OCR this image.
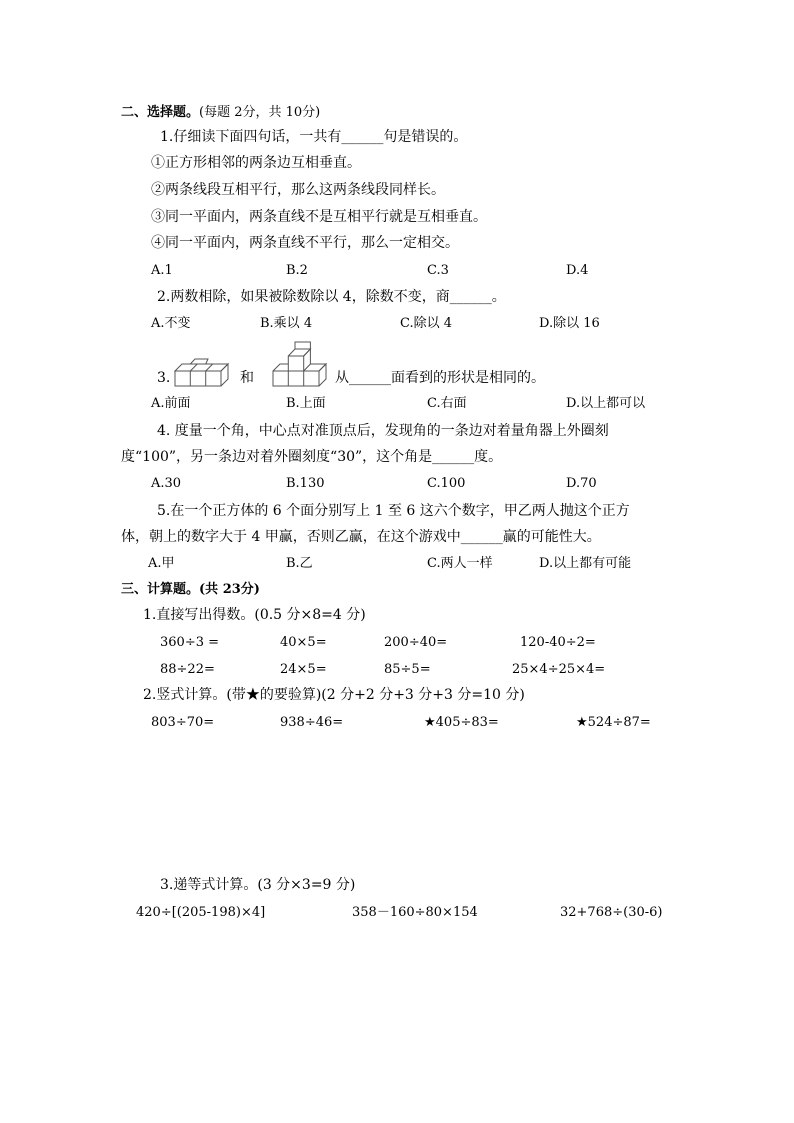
二、选择题。(每题 2分，共 10分)
1.仔细读下面四句话，一共有______句是错误的。
①正方形相邻的两条边互相垂直。
②两条线段互相平行，那么这两条线段同样长。
③同一平面内，两条直线不是互相平行就是互相垂直。
④同一平面内，两条直线不平行，那么一定相交。
A.1	B.2	C.3	D.4
2.两数相除，如果被除数除以 4，除数不变，商______。
A.不变	B.乘以 4	C.除以 4	D.除以 16
3.	和	从______面看到的形状是相同的。
A.前面	B.上面	C.右面	D.以上都可以
4. 度量一个角，中心点对准顶点后，发现角的一条边对着量角器上外圈刻
度“100”，另一条边对着外圈刻度“30”，这个角是______度。
A.30	B.130	C.100	D.70
5.在一个正方体的 6 个面分别写上 1 至 6 这六个数字，甲乙两人抛这个正方
体，朝上的数字大于 4 甲赢，否则乙赢，在这个游戏中______赢的可能性大。
A.甲	B.乙	C.两人一样	D.以上都有可能
三、计算题。(共 23分)
1.直接写出得数。(0.5 分×8=4 分)
360÷3 =	40×5=	200÷40=	120-40÷2=
88÷22=	24×5=	85÷5=	25×4÷25×4=
2.竖式计算。(带★的要验算)(2 分+2 分+3 分+3 分=10 分)
803÷70=	938÷46=	★405÷83=	★524÷87=
3.递等式计算。(3 分×3=9 分)
420÷[(205-198)×4]	358－160÷80×154	32+768÷(30-6)
